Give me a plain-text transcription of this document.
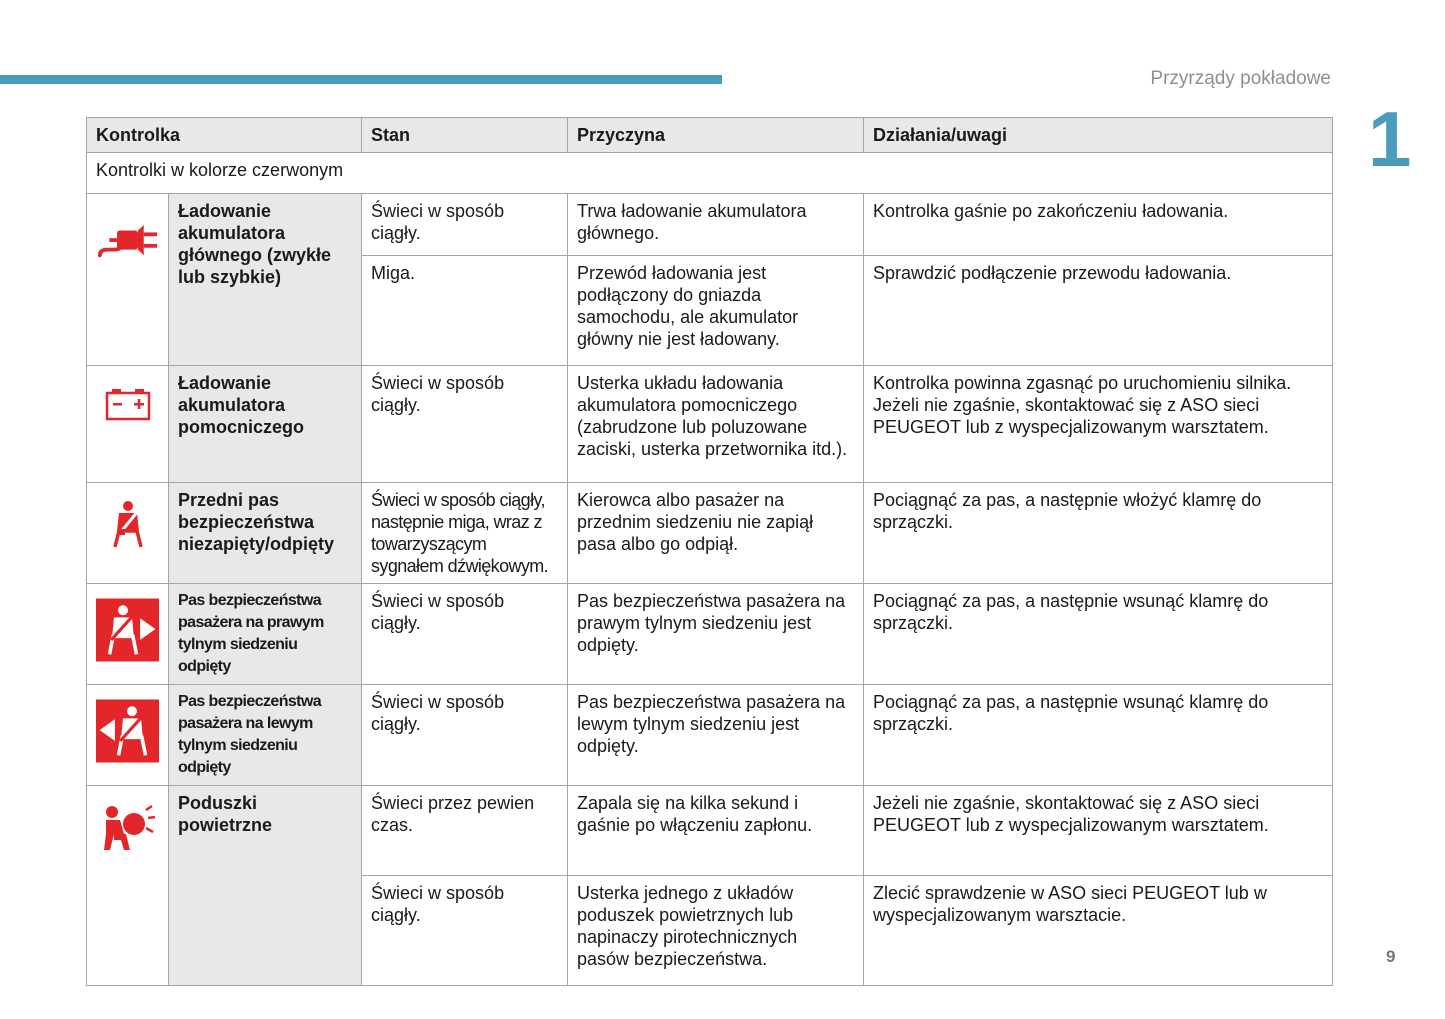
Przyrządy pokładowe
1
9
Kontrolka		Stan	Przyczyna	Działania/uwagi
Kontrolki w kolorze czerwonym				

	Ładowanie akumulatora głównego (zwykłe lub szybkie)	Świeci w sposób ciągły.	Trwa ładowanie akumulatora głównego.	Kontrolka gaśnie po zakończeniu ładowania.
		Miga.	Przewód ładowania jest podłączony do gniazda samochodu, ale akumulator główny nie jest ładowany.	Sprawdzić podłączenie przewodu ładowania.

	Ładowanie akumulatora pomocniczego	Świeci w sposób ciągły.	Usterka układu ładowania akumulatora pomocniczego (zabrudzone lub poluzowane zaciski, usterka przetwornika itd.).	Kontrolka powinna zgasnąć po uruchomieniu silnika. Jeżeli nie zgaśnie, skontaktować się z ASO sieci PEUGEOT lub z wyspecjalizowanym warsztatem.

	Przedni pas bezpieczeństwa niezapięty/odpięty	Świeci w sposób ciągły, następnie miga, wraz z towarzyszącym sygnałem dźwiękowym.	Kierowca albo pasażer na przednim siedzeniu nie zapiął pasa albo go odpiął.	Pociągnąć za pas, a następnie włożyć klamrę do sprzączki.

	Pas bezpieczeństwa pasażera na prawym tylnym siedzeniu odpięty	Świeci w sposób ciągły.	Pas bezpieczeństwa pasażera na prawym tylnym siedzeniu jest odpięty.	Pociągnąć za pas, a następnie wsunąć klamrę do sprzączki.

	Pas bezpieczeństwa pasażera na lewym tylnym siedzeniu odpięty	Świeci w sposób ciągły.	Pas bezpieczeństwa pasażera na lewym tylnym siedzeniu jest odpięty.	Pociągnąć za pas, a następnie wsunąć klamrę do sprzączki.

	Poduszki powietrzne	Świeci przez pewien czas.	Zapala się na kilka sekund i gaśnie po włączeniu zapłonu.	Jeżeli nie zgaśnie, skontaktować się z ASO sieci PEUGEOT lub z wyspecjalizowanym warsztatem.
		Świeci w sposób ciągły.	Usterka jednego z układów poduszek powietrznych lub napinaczy pirotechnicznych pasów bezpieczeństwa.	Zlecić sprawdzenie w ASO sieci PEUGEOT lub w wyspecjalizowanym warsztacie.
